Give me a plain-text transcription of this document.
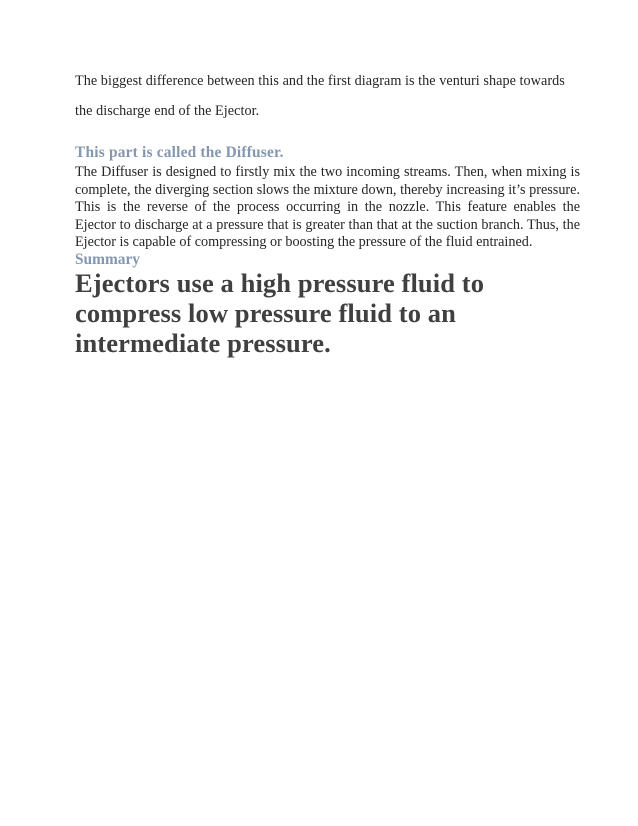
The biggest difference between this and the first diagram is the venturi shape towards the discharge end of the Ejector.

This part is called the Diffuser.

The Diffuser is designed to firstly mix the two incoming streams. Then, when mixing is complete, the diverging section slows the mixture down, thereby increasing it’s pressure. This is the reverse of the process occurring in the nozzle. This feature enables the Ejector to discharge at a pressure that is greater than that at the suction branch. Thus, the Ejector is capable of compressing or boosting the pressure of the fluid entrained.

Summary

Ejectors use a high pressure fluid to compress low pressure fluid to an intermediate pressure.
